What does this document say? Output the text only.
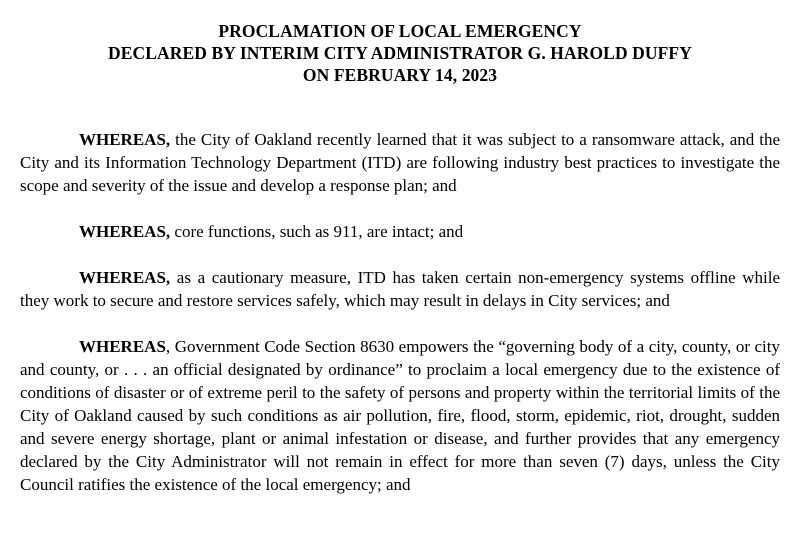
PROCLAMATION OF LOCAL EMERGENCY
DECLARED BY INTERIM CITY ADMINISTRATOR G. HAROLD DUFFY
ON FEBRUARY 14, 2023

WHEREAS, the City of Oakland recently learned that it was subject to a ransomware attack, and the City and its Information Technology Department (ITD) are following industry best practices to investigate the scope and severity of the issue and develop a response plan; and

WHEREAS, core functions, such as 911, are intact; and

WHEREAS, as a cautionary measure, ITD has taken certain non-emergency systems offline while they work to secure and restore services safely, which may result in delays in City services; and

WHEREAS, Government Code Section 8630 empowers the “governing body of a city, county, or city and county, or . . . an official designated by ordinance” to proclaim a local emergency due to the existence of conditions of disaster or of extreme peril to the safety of persons and property within the territorial limits of the City of Oakland caused by such conditions as air pollution, fire, flood, storm, epidemic, riot, drought, sudden and severe energy shortage, plant or animal infestation or disease, and further provides that any emergency declared by the City Administrator will not remain in effect for more than seven (7) days, unless the City Council ratifies the existence of the local emergency; and
